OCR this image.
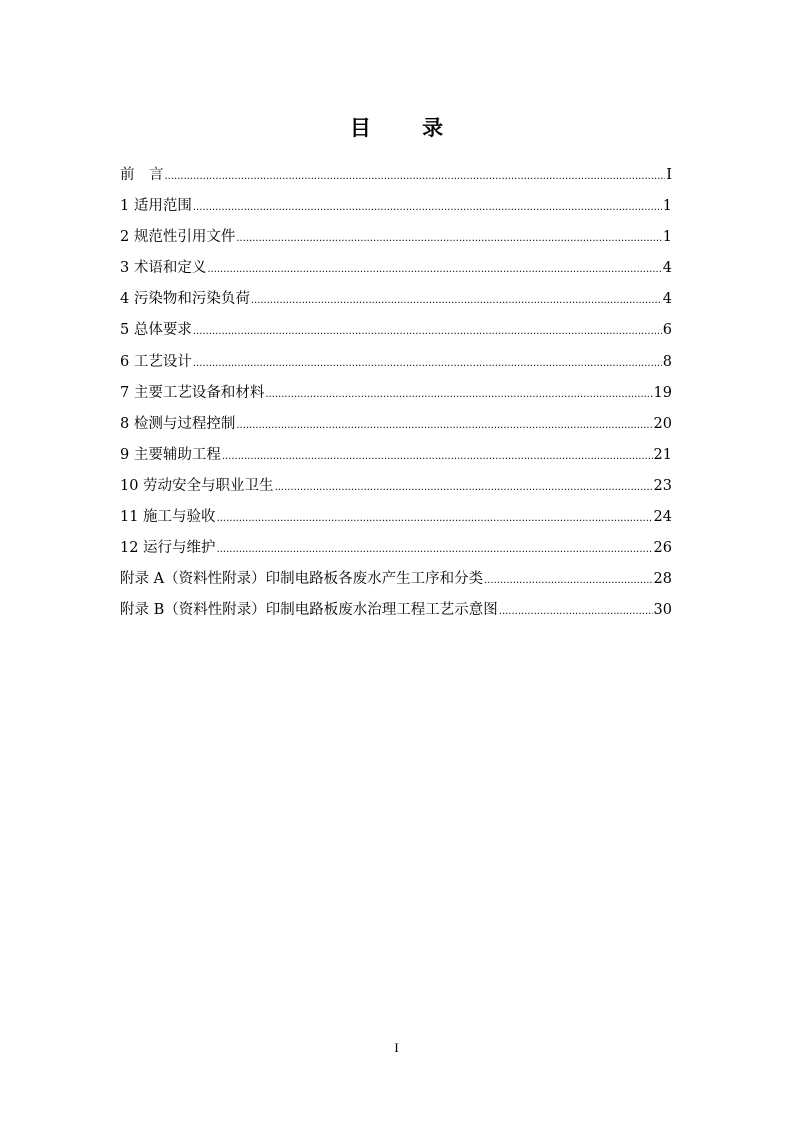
目 录
前　言 .....	I
1 适用范围 .....	1
2 规范性引用文件 .....	1
3 术语和定义 .....	4
4 污染物和污染负荷 .....	4
5 总体要求 .....	6
6 工艺设计 .....	8
7 主要工艺设备和材料 .....	19
8 检测与过程控制 .....	20
9 主要辅助工程 .....	21
10 劳动安全与职业卫生 .....	23
11 施工与验收 .....	24
12 运行与维护 .....	26
附录 A（资料性附录）印制电路板各废水产生工序和分类 .....	28
附录 B（资料性附录）印制电路板废水治理工程工艺示意图 .....	30
I
